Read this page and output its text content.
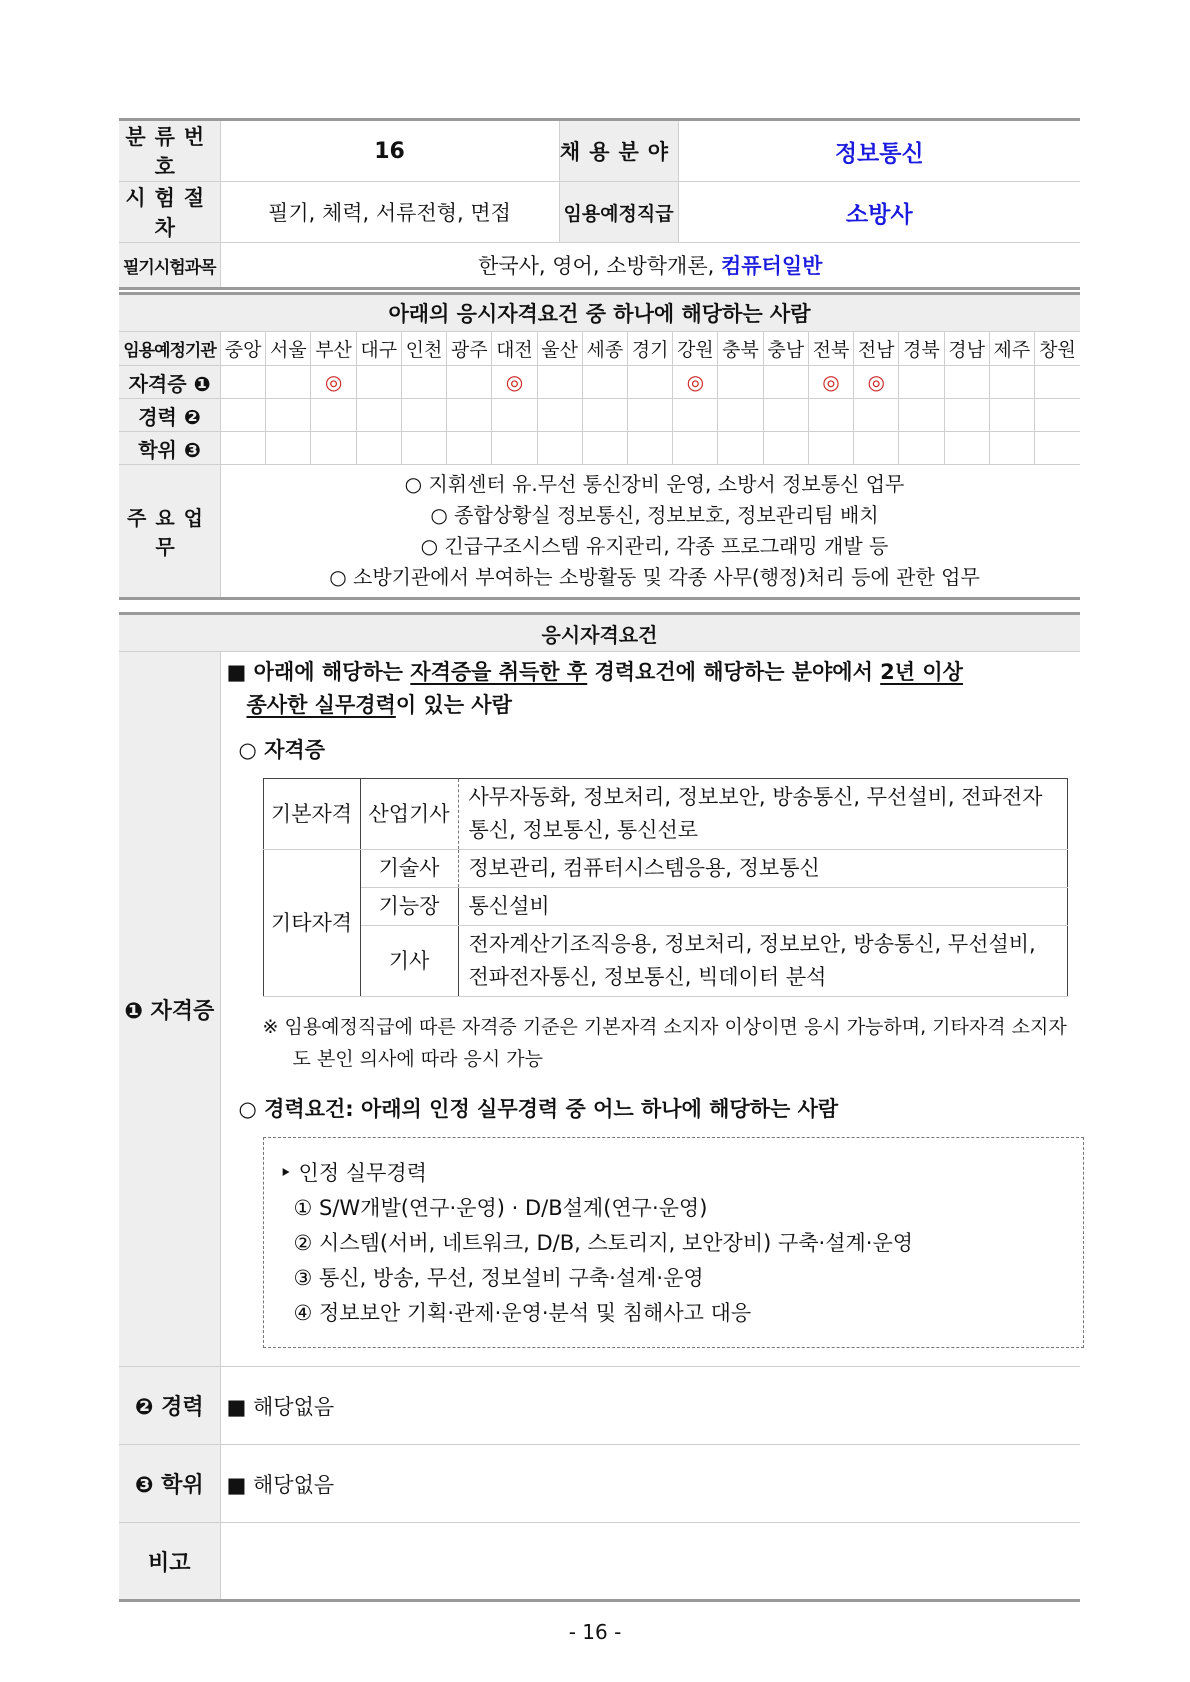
분류번호	16	채용분야	정보통신
시험절차	필기, 체력, 서류전형, 면접	임용예정직급	소방사
필기시험과목	한국사, 영어, 소방학개론, 컴퓨터일반		
아래의 응시자격요건 중 하나에 해당하는 사람																			
임용예정기관	중앙	서울	부산	대구	인천	광주	대전	울산	세종	경기	강원	충북	충남	전북	전남	경북	경남	제주	창원
자격증 ❶			◎				◎				◎			◎	◎				
경력 ❷																			
학위 ❸																			
주요업무	○ 지휘센터 유.무선 통신장비 운영, 소방서 정보통신 업무
○ 종합상황실 정보통신, 정보보호, 정보관리팀 배치
○ 긴급구조시스템 유지관리, 각종 프로그래밍 개발 등
○ 소방기관에서 부여하는 소방활동 및 각종 사무(행정)처리 등에 관한 업무																		
응시자격요건
❶ 자격증	
■ 아래에 해당하는 자격증을 취득한 후 경력요건에 해당하는 분야에서 2년 이상
종사한 실무경력이 있는 사람
○ 자격증
기본자격	산업기사	사무자동화, 정보처리, 정보보안, 방송통신, 무선설비, 전파전자통신, 정보통신, 통신선로
기타자격	기술사	정보관리, 컴퓨터시스템응용, 정보통신
기능장	통신설비
기사	전자계산기조직응용, 정보처리, 정보보안, 방송통신, 무선설비, 전파전자통신, 정보통신, 빅데이터 분석
※ 임용예정직급에 따른 자격증 기준은 기본자격 소지자 이상이면 응시 가능하며, 기타자격 소지자도 본인 의사에 따라 응시 가능
○ 경력요건: 아래의 인정 실무경력 중 어느 하나에 해당하는 사람
‣ 인정 실무경력
① S/W개발(연구·운영) · D/B설계(연구·운영)
② 시스템(서버, 네트워크, D/B, 스토리지, 보안장비) 구축·설계·운영
③ 통신, 방송, 무선, 정보설비 구축·설계·운영
④ 정보보안 기획·관제·운영·분석 및 침해사고 대응

❷ 경력	■ 해당없음
❸ 학위	■ 해당없음
비고	
- 16 -
